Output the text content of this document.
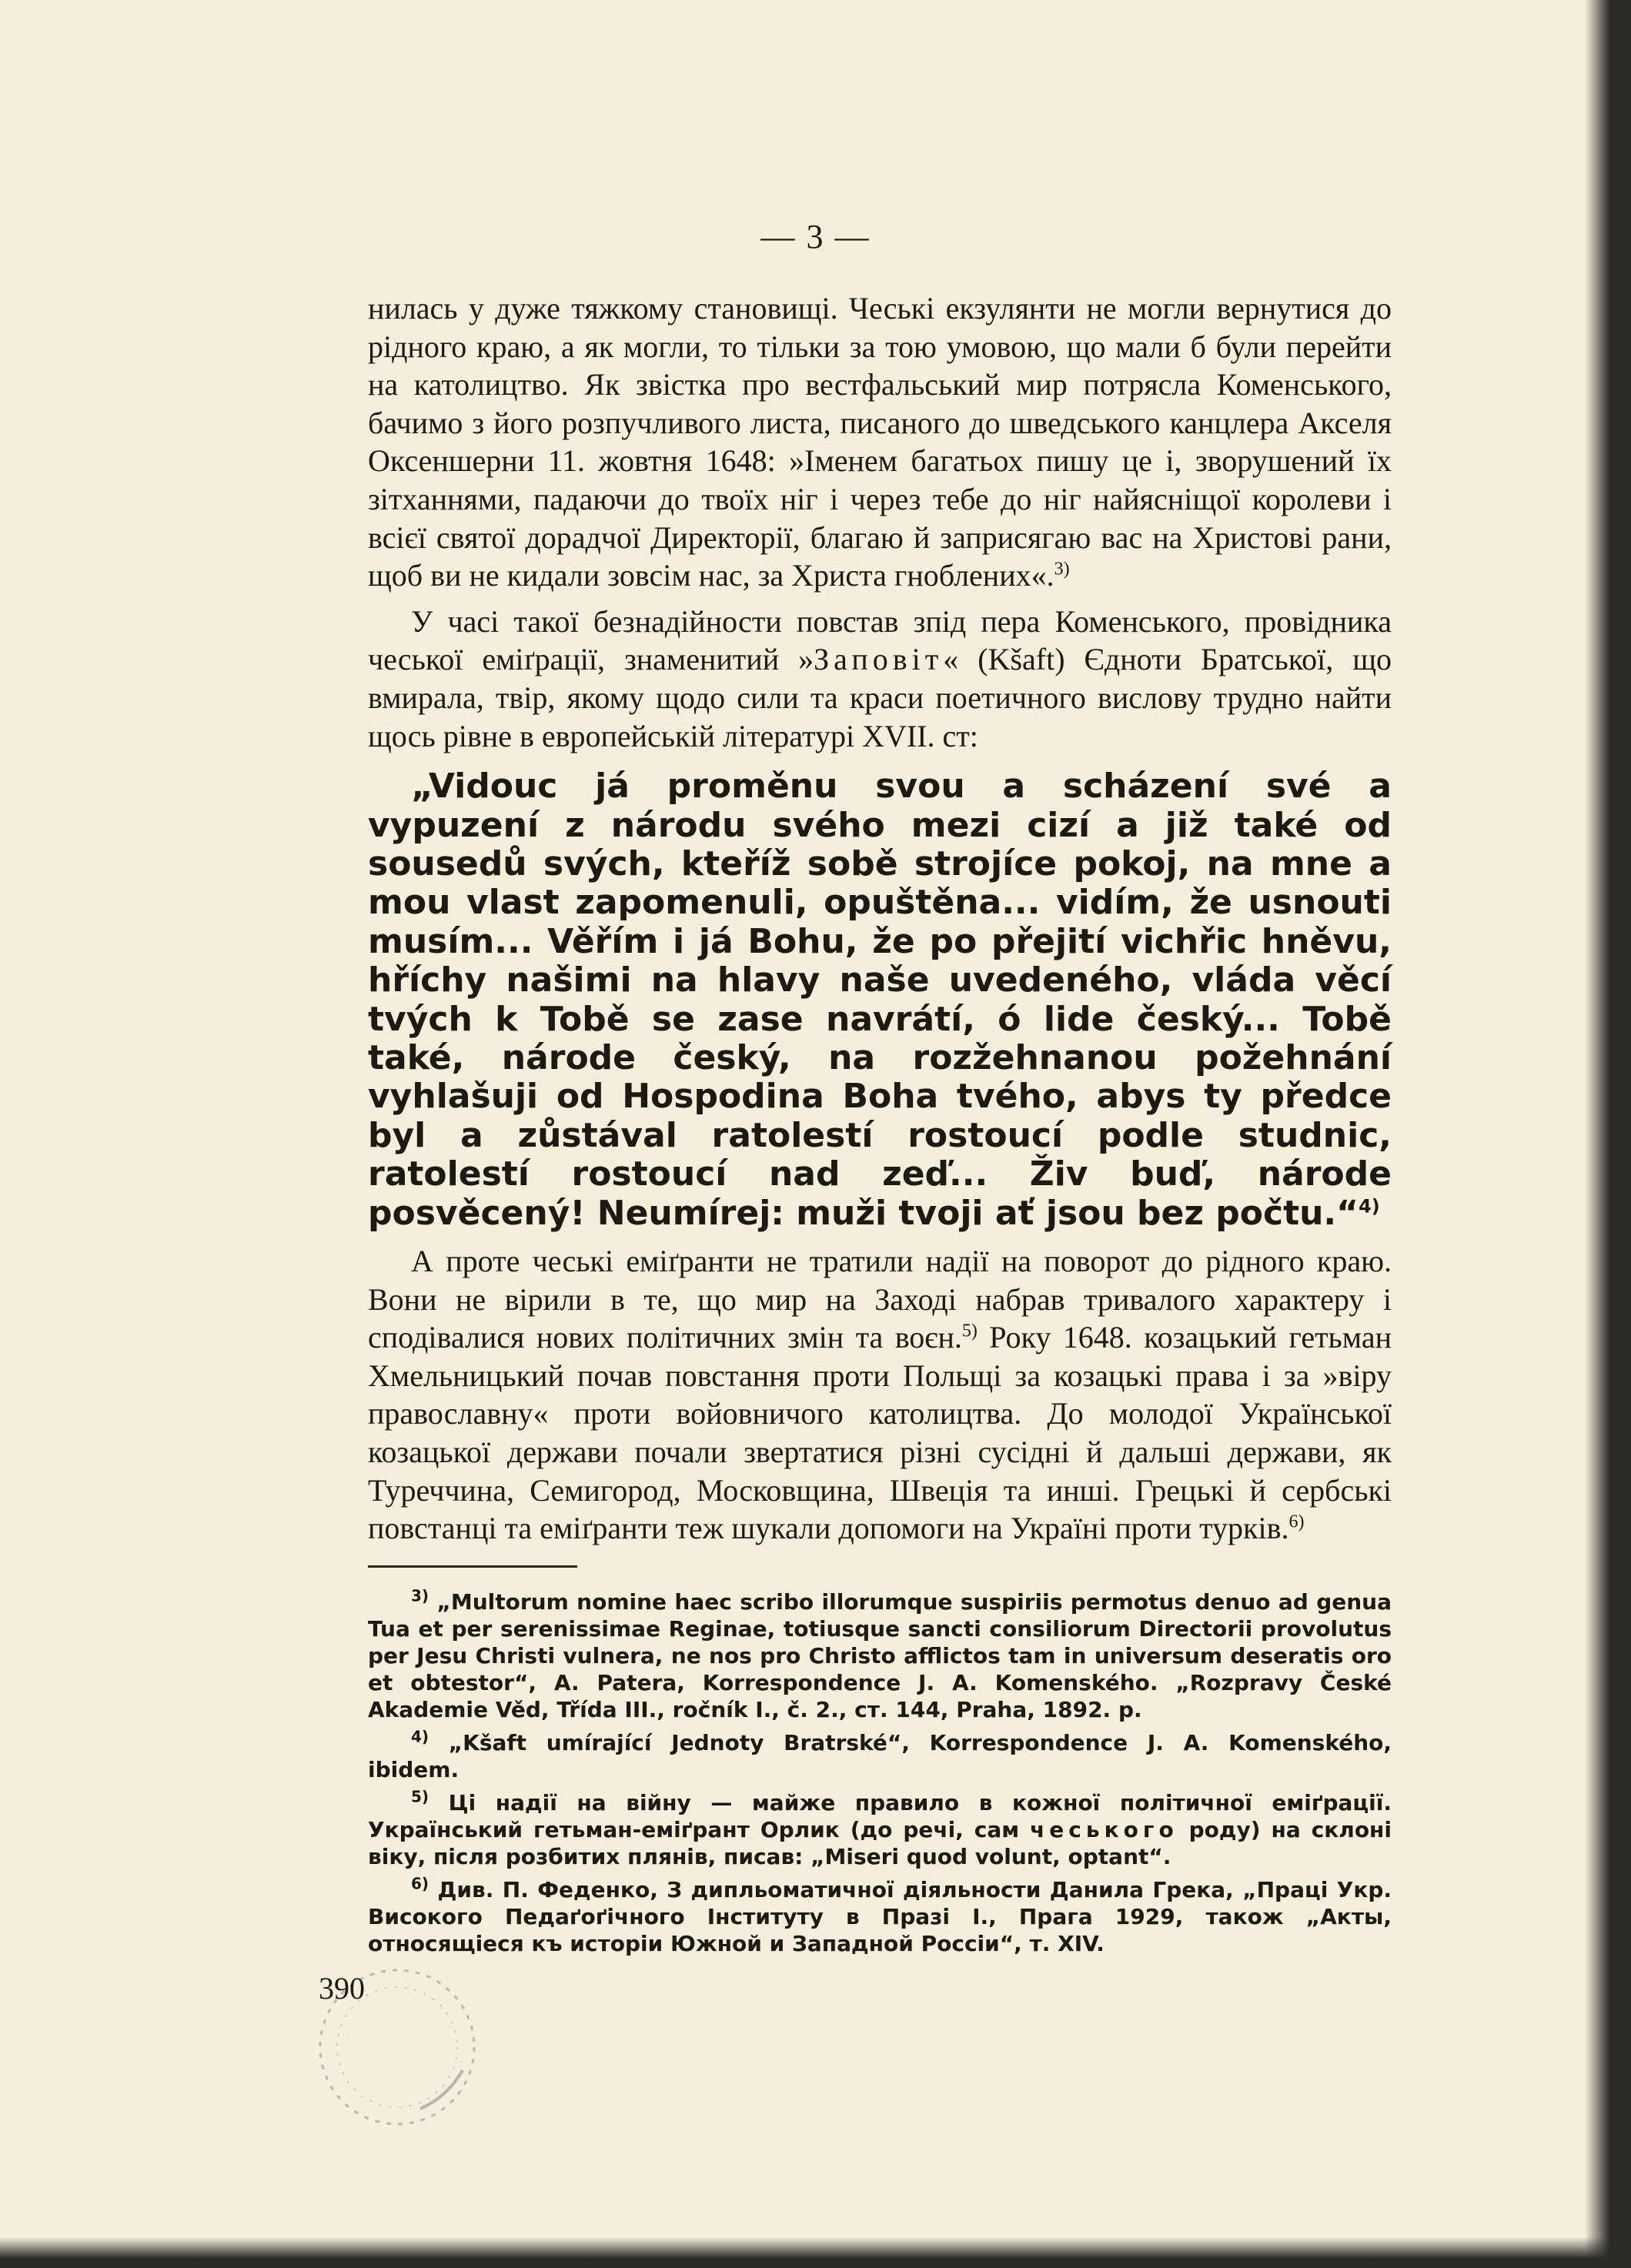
— 3 —

нилась у дуже тяжкому становищі. Чеські екзулянти не могли вернутися до рідного краю, а як могли, то тільки за тою умовою, що мали б були перейти на католицтво. Як звістка про вестфальський мир потрясла Коменського, бачимо з його розпучливого листа, писаного до шведського канцлера Акселя Оксеншерни 11. жовтня 1648: »Іменем багатьох пишу це і, зворушений їх зітханнями, падаючи до твоїх ніг і через тебе до ніг найясніщої королеви і всієї святої дорадчої Директорії, благаю й заприсягаю вас на Христові рани, щоб ви не кидали зовсім нас, за Христа гноблених«.$^{3)}$

У часі такої безнадійности повстав зпід пера Коменського, провідника чеської еміґрації, знаменитий »Заповіт« (Kšaft) Єдноти Братської, що вмирала, твір, якому щодо сили та краси поетичного вислову трудно найти щось рівне в европейській літературі XVII. ст:

„Vidouc já proměnu svou a scházení své a vypuzení z národu svého mezi cizí a již také od sousedů svých, kteříž sobě strojíce pokoj, na mne a mou vlast zapomenuli, opuštěna... vidím, že usnouti musím... Věřím i já Bohu, že po přejití vichřic hněvu, hříchy našimi na hlavy naše uvedeného, vláda věcí tvých k Tobě se zase navrátí, ó lide český... Tobě také, národe český, na rozžehnanou požehnání vyhlašuji od Hospodina Boha tvého, abys ty předce byl a zůstával ratolestí rostoucí podle studnic, ratolestí rostoucí nad zeď... Živ buď, národe posvěcený! Neumírej: muži tvoji ať jsou bez počtu.“$^{4)}$

А проте чеські еміґранти не тратили надії на поворот до рідного краю. Вони не вірили в те, що мир на Заході набрав тривалого характеру і сподівалися нових політичних змін та воєн.$^{5)}$ Року 1648. козацький гетьман Хмельницький почав повстання проти Польщі за козацькі права і за »віру православну« проти войовничого католицтва. До молодої Української козацької держави почали звертатися різні сусідні й дальші держави, як Туреччина, Семигород, Московщина, Швеція та инші. Грецькі й сербські повстанці та еміґранти теж шукали допомоги на Україні проти турків.$^{6)}$

$^{3)}$ „Multorum nomine haec scribo illorumque suspiriis permotus denuo ad genua Tua et per serenissimae Reginae, totiusque sancti consiliorum Directorii provolutus per Jesu Christi vulnera, ne nos pro Christo afflictos tam in universum deseratis oro et obtestor“, A. Patera, Korrespondence J. A. Komenského. „Rozpravy České Akademie Věd, Třída III., ročník I., č. 2., ст. 144, Praha, 1892. p.

$^{4)}$ „Kšaft umírající Jednoty Bratrské“, Korrespondence J. A. Komenského, ibidem.

$^{5)}$ Ці надії на війну — майже правило в кожної політичної еміґрації. Український гетьман-еміґрант Орлик (до речі, сам чеського роду) на склоні віку, після розбитих плянів, писав: „Miseri quod volunt, optant“.

$^{6)}$ Див. П. Феденко, З дипльоматичної діяльности Данила Грека, „Праці Укр. Високого Педаґоґічного Інституту в Празі I., Прага 1929, також „Акты, относящіеся къ исторіи Южной и Западной Россіи“, т. XIV.

390
